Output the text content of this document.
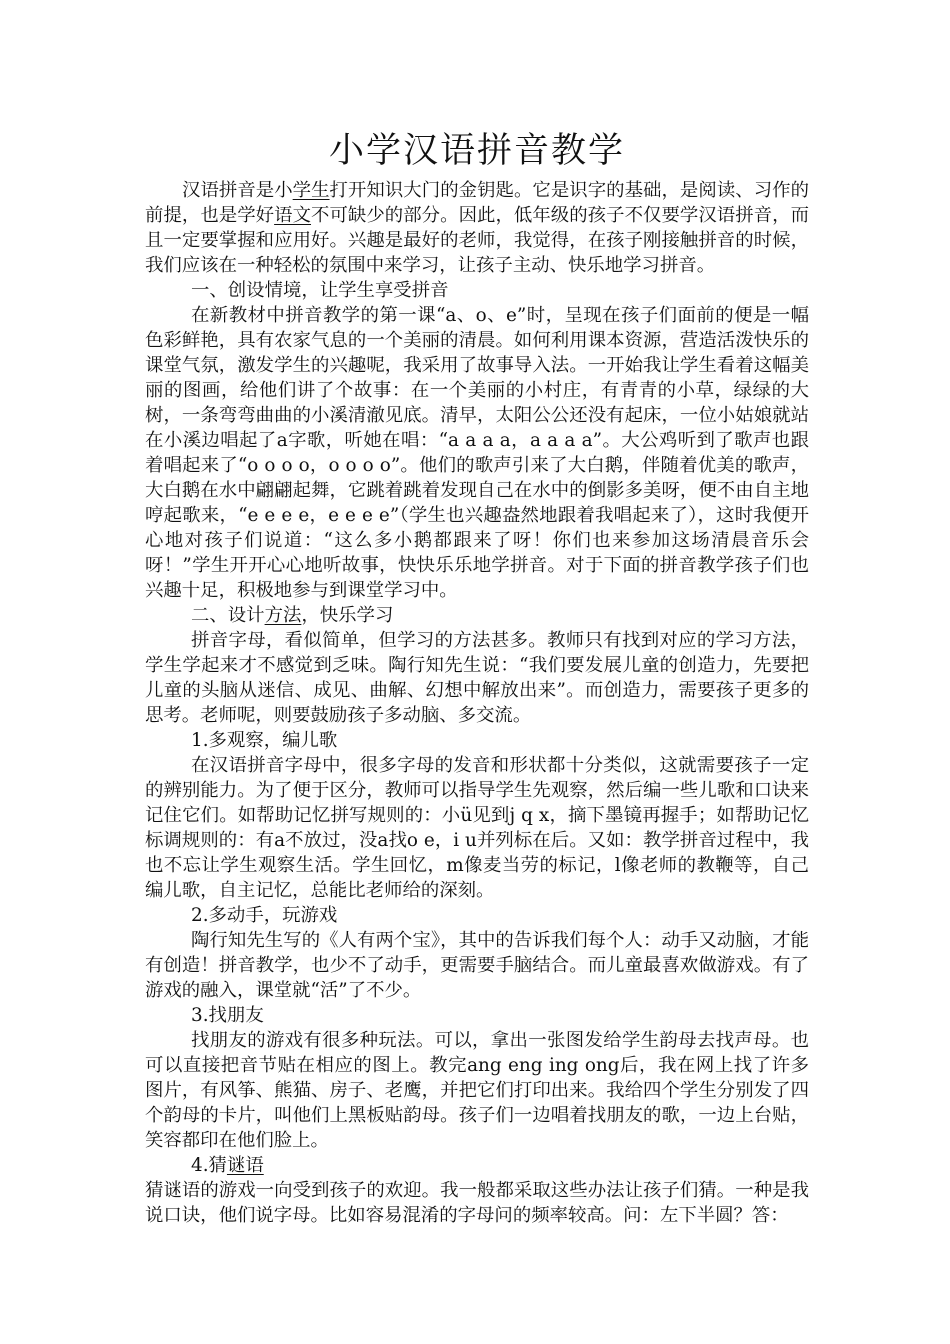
小学汉语拼音教学

汉语拼音是小学生打开知识大门的金钥匙。它是识字的基础，是阅读、习作的前提，也是学好语文不可缺少的部分。因此，低年级的孩子不仅要学汉语拼音，而且一定要掌握和应用好。兴趣是最好的老师，我觉得，在孩子刚接触拼音的时候，我们应该在一种轻松的氛围中来学习，让孩子主动、快乐地学习拼音。

一、创设情境，让学生享受拼音

在新教材中拼音教学的第一课“a、o、e”时，呈现在孩子们面前的便是一幅色彩鲜艳，具有农家气息的一个美丽的清晨。如何利用课本资源，营造活泼快乐的课堂气氛，激发学生的兴趣呢，我采用了故事导入法。一开始我让学生看着这幅美丽的图画，给他们讲了个故事：在一个美丽的小村庄，有青青的小草，绿绿的大树，一条弯弯曲曲的小溪清澈见底。清早，太阳公公还没有起床，一位小姑娘就站在小溪边唱起了a字歌，听她在唱：“a a a a，a a a a”。大公鸡听到了歌声也跟着唱起来了“o o o o，o o o o”。他们的歌声引来了大白鹅，伴随着优美的歌声，大白鹅在水中翩翩起舞，它跳着跳着发现自己在水中的倒影多美呀，便不由自主地哼起歌来，“e e e e，e e e e”（学生也兴趣盎然地跟着我唱起来了），这时我便开心地对孩子们说道：“这么多小鹅都跟来了呀！你们也来参加这场清晨音乐会呀！”学生开开心心地听故事，快快乐乐地学拼音。对于下面的拼音教学孩子们也兴趣十足，积极地参与到课堂学习中。

二、设计方法，快乐学习

拼音字母，看似简单，但学习的方法甚多。教师只有找到对应的学习方法，学生学起来才不感觉到乏味。陶行知先生说：“我们要发展儿童的创造力，先要把儿童的头脑从迷信、成见、曲解、幻想中解放出来”。而创造力，需要孩子更多的思考。老师呢，则要鼓励孩子多动脑、多交流。

1.多观察，编儿歌

在汉语拼音字母中，很多字母的发音和形状都十分类似，这就需要孩子一定的辨别能力。为了便于区分，教师可以指导学生先观察，然后编一些儿歌和口诀来记住它们。如帮助记忆拼写规则的：小ü见到j q x，摘下墨镜再握手；如帮助记忆标调规则的：有a不放过，没a找o e，i u并列标在后。又如：教学拼音过程中，我也不忘让学生观察生活。学生回忆，m像麦当劳的标记，l像老师的教鞭等，自己编儿歌，自主记忆，总能比老师给的深刻。

2.多动手，玩游戏

陶行知先生写的《人有两个宝》，其中的告诉我们每个人：动手又动脑，才能有创造！拼音教学，也少不了动手，更需要手脑结合。而儿童最喜欢做游戏。有了游戏的融入，课堂就“活”了不少。

3.找朋友

找朋友的游戏有很多种玩法。可以，拿出一张图发给学生韵母去找声母。也可以直接把音节贴在相应的图上。教完ang eng ing ong后，我在网上找了许多图片，有风筝、熊猫、房子、老鹰，并把它们打印出来。我给四个学生分别发了四个韵母的卡片，叫他们上黑板贴韵母。孩子们一边唱着找朋友的歌，一边上台贴，笑容都印在他们脸上。

4.猜谜语

猜谜语的游戏一向受到孩子的欢迎。我一般都采取这些办法让孩子们猜。一种是我说口诀，他们说字母。比如容易混淆的字母问的频率较高。问：左下半圆？答：
